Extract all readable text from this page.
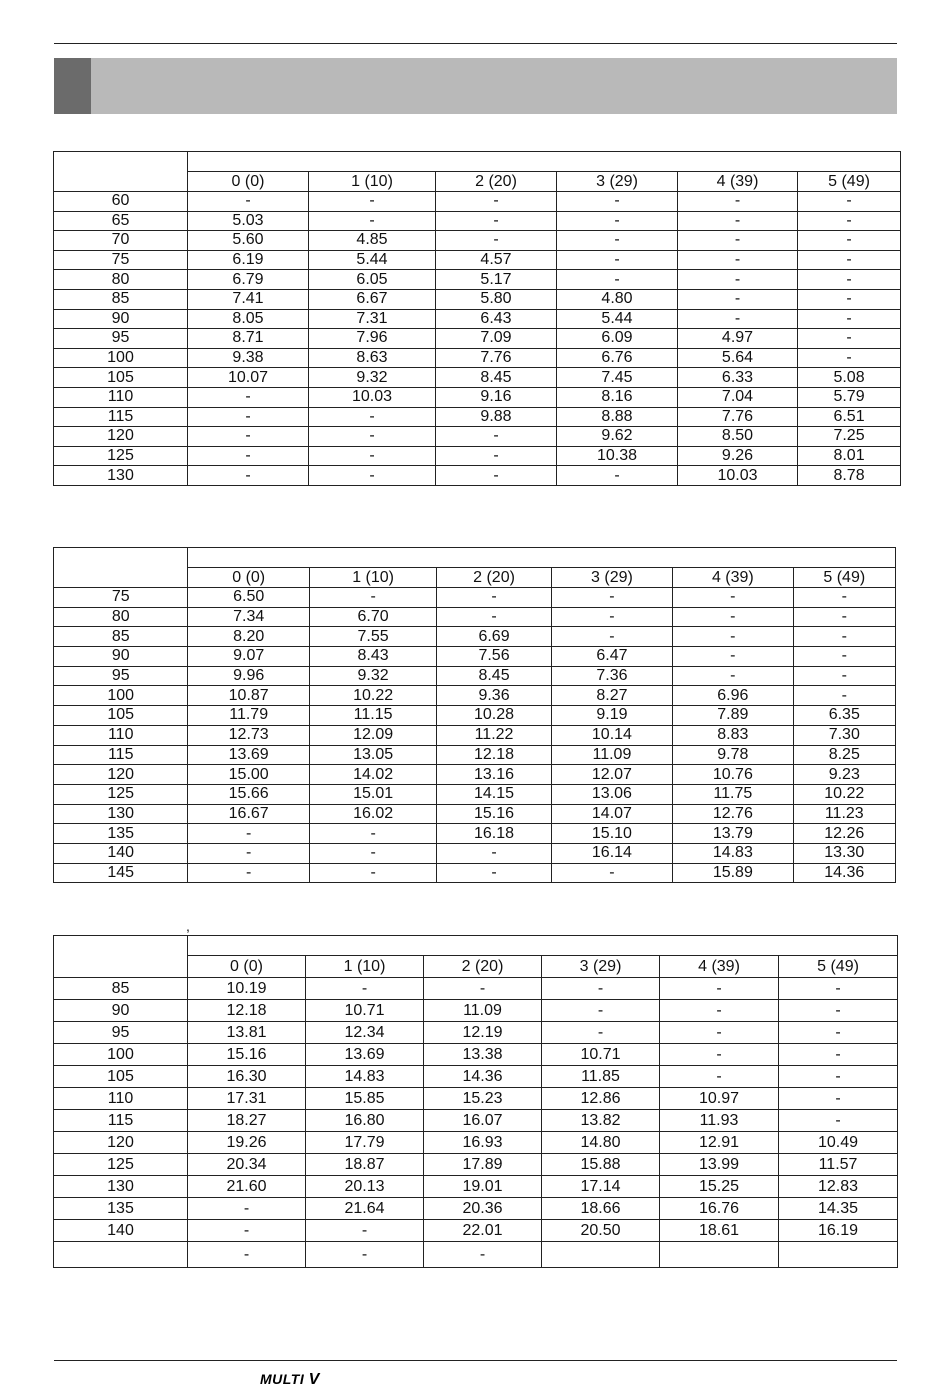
	0 (0)	1 (10)	2 (20)	3 (29)	4 (39)	5 (49)
60	-	-	-	-	-	-
65	5.03	-	-	-	-	-
70	5.60	4.85	-	-	-	-
75	6.19	5.44	4.57	-	-	-
80	6.79	6.05	5.17	-	-	-
85	7.41	6.67	5.80	4.80	-	-
90	8.05	7.31	6.43	5.44	-	-
95	8.71	7.96	7.09	6.09	4.97	-
100	9.38	8.63	7.76	6.76	5.64	-
105	10.07	9.32	8.45	7.45	6.33	5.08
110	-	10.03	9.16	8.16	7.04	5.79
115	-	-	9.88	8.88	7.76	6.51
120	-	-	-	9.62	8.50	7.25
125	-	-	-	10.38	9.26	8.01
130	-	-	-	-	10.03	8.78

	0 (0)	1 (10)	2 (20)	3 (29)	4 (39)	5 (49)
75	6.50	-	-	-	-	-
80	7.34	6.70	-	-	-	-
85	8.20	7.55	6.69	-	-	-
90	9.07	8.43	7.56	6.47	-	-
95	9.96	9.32	8.45	7.36	-	-
100	10.87	10.22	9.36	8.27	6.96	-
105	11.79	11.15	10.28	9.19	7.89	6.35
110	12.73	12.09	11.22	10.14	8.83	7.30
115	13.69	13.05	12.18	11.09	9.78	8.25
120	15.00	14.02	13.16	12.07	10.76	9.23
125	15.66	15.01	14.15	13.06	11.75	10.22
130	16.67	16.02	15.16	14.07	12.76	11.23
135	-	-	16.18	15.10	13.79	12.26
140	-	-	-	16.14	14.83	13.30
145	-	-	-	-	15.89	14.36
,

	0 (0)	1 (10)	2 (20)	3 (29)	4 (39)	5 (49)
85	10.19	-	-	-	-	-
90	12.18	10.71	11.09	-	-	-
95	13.81	12.34	12.19	-	-	-
100	15.16	13.69	13.38	10.71	-	-
105	16.30	14.83	14.36	11.85	-	-
110	17.31	15.85	15.23	12.86	10.97	-
115	18.27	16.80	16.07	13.82	11.93	-
120	19.26	17.79	16.93	14.80	12.91	10.49
125	20.34	18.87	17.89	15.88	13.99	11.57
130	21.60	20.13	19.01	17.14	15.25	12.83
135	-	21.64	20.36	18.66	16.76	14.35
140	-	-	22.01	20.50	18.61	16.19
	-	-	-			
MULTI V
